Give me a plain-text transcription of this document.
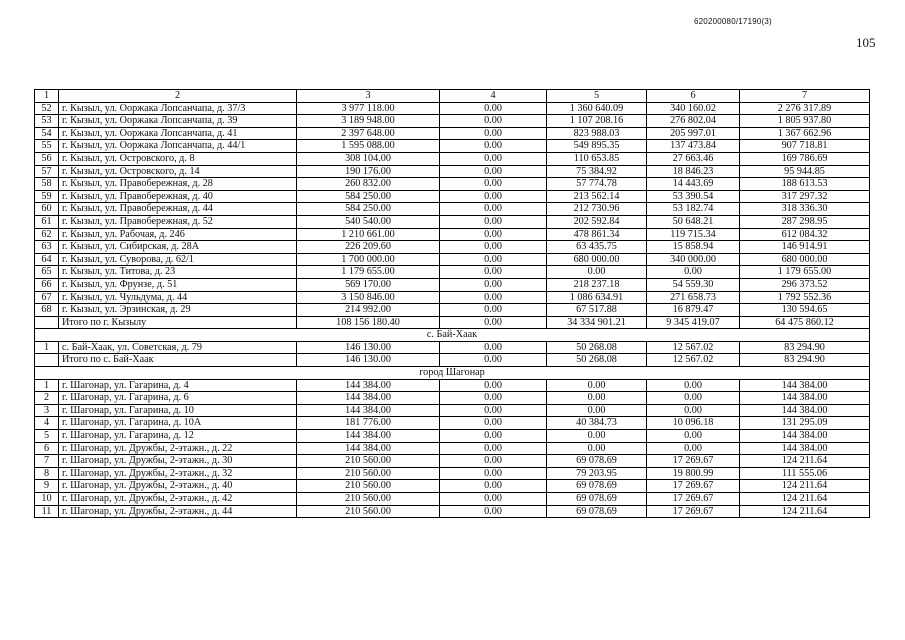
620200080/17190(3)
105
1	2	3	4	5	6	7
52	г. Кызыл, ул. Ооржака Лопсанчапа, д. 37/3	3 977 118.00	0.00	1 360 640.09	340 160.02	2 276 317.89
53	г. Кызыл, ул. Ооржака Лопсанчапа, д. 39	3 189 948.00	0.00	1 107 208.16	276 802.04	1 805 937.80
54	г. Кызыл, ул. Ооржака Лопсанчапа, д. 41	2 397 648.00	0.00	823 988.03	205 997.01	1 367 662.96
55	г. Кызыл, ул. Ооржака Лопсанчапа, д. 44/1	1 595 088.00	0.00	549 895.35	137 473.84	907 718.81
56	г. Кызыл, ул. Островского, д. 8	308 104.00	0.00	110 653.85	27 663.46	169 786.69
57	г. Кызыл, ул. Островского, д. 14	190 176.00	0.00	75 384.92	18 846.23	95 944.85
58	г. Кызыл, ул. Правобережная, д. 28	260 832.00	0.00	57 774.78	14 443.69	188 613.53
59	г. Кызыл, ул. Правобережная, д. 40	584 250.00	0.00	213 562.14	53 390.54	317 297.32
60	г. Кызыл, ул. Правобережная, д. 44	584 250.00	0.00	212 730.96	53 182.74	318 336.30
61	г. Кызыл, ул. Правобережная, д. 52	540 540.00	0.00	202 592.84	50 648.21	287 298.95
62	г. Кызыл, ул. Рабочая, д. 246	1 210 661.00	0.00	478 861.34	119 715.34	612 084.32
63	г. Кызыл, ул. Сибирская, д. 28А	226 209.60	0.00	63 435.75	15 858.94	146 914.91
64	г. Кызыл, ул. Суворова, д. 62/1	1 700 000.00	0.00	680 000.00	340 000.00	680 000.00
65	г. Кызыл, ул. Титова, д. 23	1 179 655.00	0.00	0.00	0.00	1 179 655.00
66	г. Кызыл, ул. Фрунзе, д. 51	569 170.00	0.00	218 237.18	54 559.30	296 373.52
67	г. Кызыл, ул. Чульдума, д. 44	3 150 846.00	0.00	1 086 634.91	271 658.73	1 792 552.36
68	г. Кызыл, ул. Эрзинская, д. 29	214 992.00	0.00	67 517.88	16 879.47	130 594.65
	Итого по г. Кызылу	108 156 180.40	0.00	34 334 901.21	9 345 419.07	64 475 860.12
с. Бай-Хаак						
1	с. Бай-Хаак, ул. Советская, д. 79	146 130.00	0.00	50 268.08	12 567.02	83 294.90
	Итого по с. Бай-Хаак	146 130.00	0.00	50 268.08	12 567.02	83 294.90
город Шагонар						
1	г. Шагонар, ул. Гагарина, д. 4	144 384.00	0.00	0.00	0.00	144 384.00
2	г. Шагонар, ул. Гагарина, д. 6	144 384.00	0.00	0.00	0.00	144 384.00
3	г. Шагонар, ул. Гагарина, д. 10	144 384.00	0.00	0.00	0.00	144 384.00
4	г. Шагонар, ул. Гагарина, д. 10А	181 776.00	0.00	40 384.73	10 096.18	131 295.09
5	г. Шагонар, ул. Гагарина, д. 12	144 384.00	0.00	0.00	0.00	144 384.00
6	г. Шагонар, ул. Дружбы, 2-этажн., д. 22	144 384.00	0.00	0.00	0.00	144 384.00
7	г. Шагонар, ул. Дружбы, 2-этажн., д. 30	210 560.00	0.00	69 078.69	17 269.67	124 211.64
8	г. Шагонар, ул. Дружбы, 2-этажн., д. 32	210 560.00	0.00	79 203.95	19 800.99	111 555.06
9	г. Шагонар, ул. Дружбы, 2-этажн., д. 40	210 560.00	0.00	69 078.69	17 269.67	124 211.64
10	г. Шагонар, ул. Дружбы, 2-этажн., д. 42	210 560.00	0.00	69 078.69	17 269.67	124 211.64
11	г. Шагонар, ул. Дружбы, 2-этажн., д. 44	210 560.00	0.00	69 078.69	17 269.67	124 211.64
